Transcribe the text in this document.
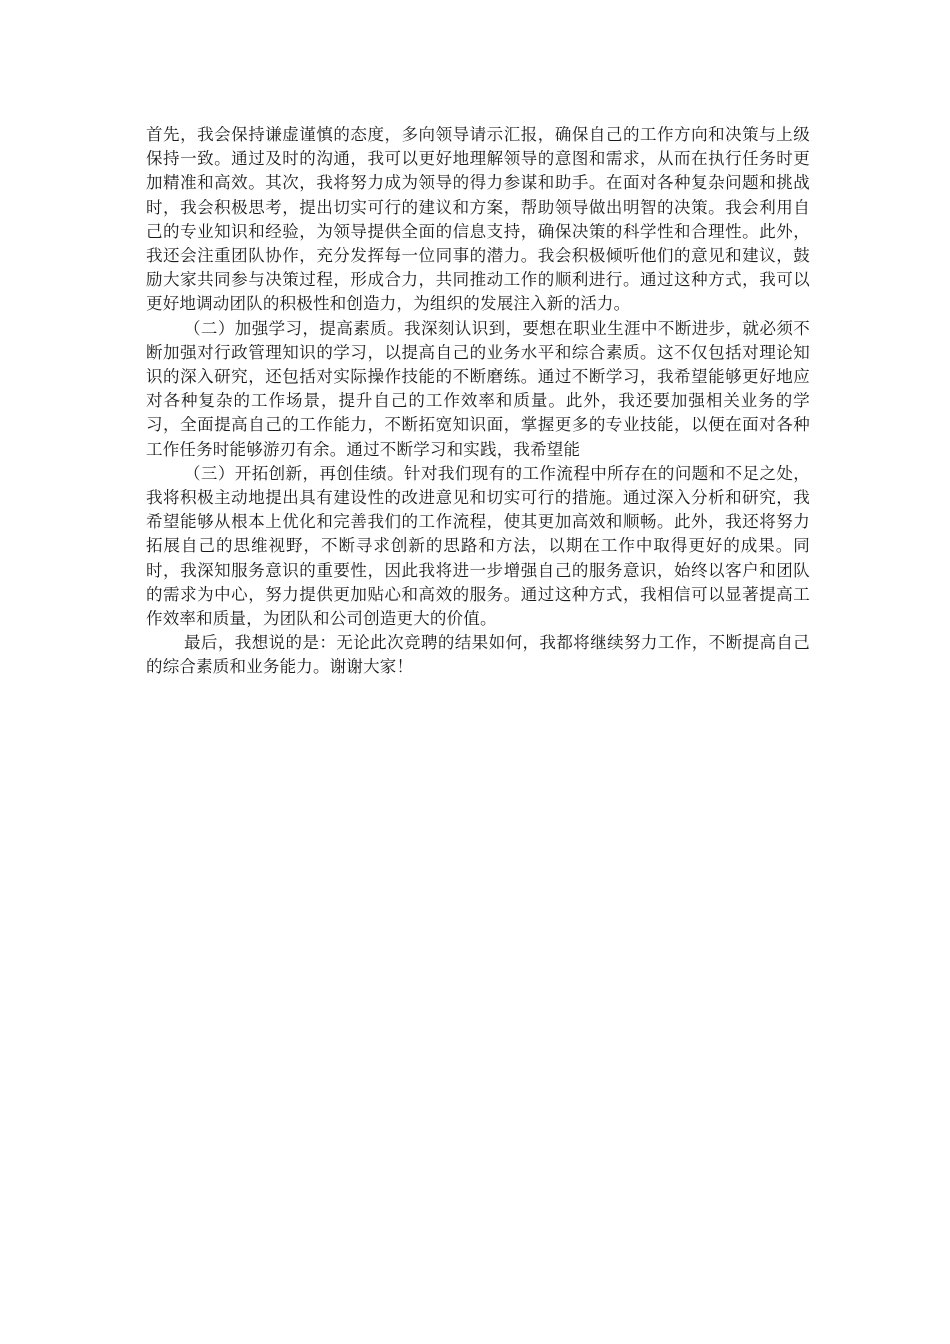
首先，我会保持谦虚谨慎的态度，多向领导请示汇报，确保自己的工作方向和决策与上级保持一致。通过及时的沟通，我可以更好地理解领导的意图和需求，从而在执行任务时更加精准和高效。其次，我将努力成为领导的得力参谋和助手。在面对各种复杂问题和挑战时，我会积极思考，提出切实可行的建议和方案，帮助领导做出明智的决策。我会利用自己的专业知识和经验，为领导提供全面的信息支持，确保决策的科学性和合理性。此外，我还会注重团队协作，充分发挥每一位同事的潜力。我会积极倾听他们的意见和建议，鼓励大家共同参与决策过程，形成合力，共同推动工作的顺利进行。通过这种方式，我可以更好地调动团队的积极性和创造力，为组织的发展注入新的活力。

（二）加强学习，提高素质。我深刻认识到，要想在职业生涯中不断进步，就必须不断加强对行政管理知识的学习，以提高自己的业务水平和综合素质。这不仅包括对理论知识的深入研究，还包括对实际操作技能的不断磨练。通过不断学习，我希望能够更好地应对各种复杂的工作场景，提升自己的工作效率和质量。此外，我还要加强相关业务的学习，全面提高自己的工作能力，不断拓宽知识面，掌握更多的专业技能，以便在面对各种工作任务时能够游刃有余。通过不断学习和实践，我希望能

（三）开拓创新，再创佳绩。针对我们现有的工作流程中所存在的问题和不足之处，我将积极主动地提出具有建设性的改进意见和切实可行的措施。通过深入分析和研究，我希望能够从根本上优化和完善我们的工作流程，使其更加高效和顺畅。此外，我还将努力拓展自己的思维视野，不断寻求创新的思路和方法，以期在工作中取得更好的成果。同时，我深知服务意识的重要性，因此我将进一步增强自己的服务意识，始终以客户和团队的需求为中心，努力提供更加贴心和高效的服务。通过这种方式，我相信可以显著提高工作效率和质量，为团队和公司创造更大的价值。

最后，我想说的是：无论此次竞聘的结果如何，我都将继续努力工作，不断提高自己的综合素质和业务能力。谢谢大家！
